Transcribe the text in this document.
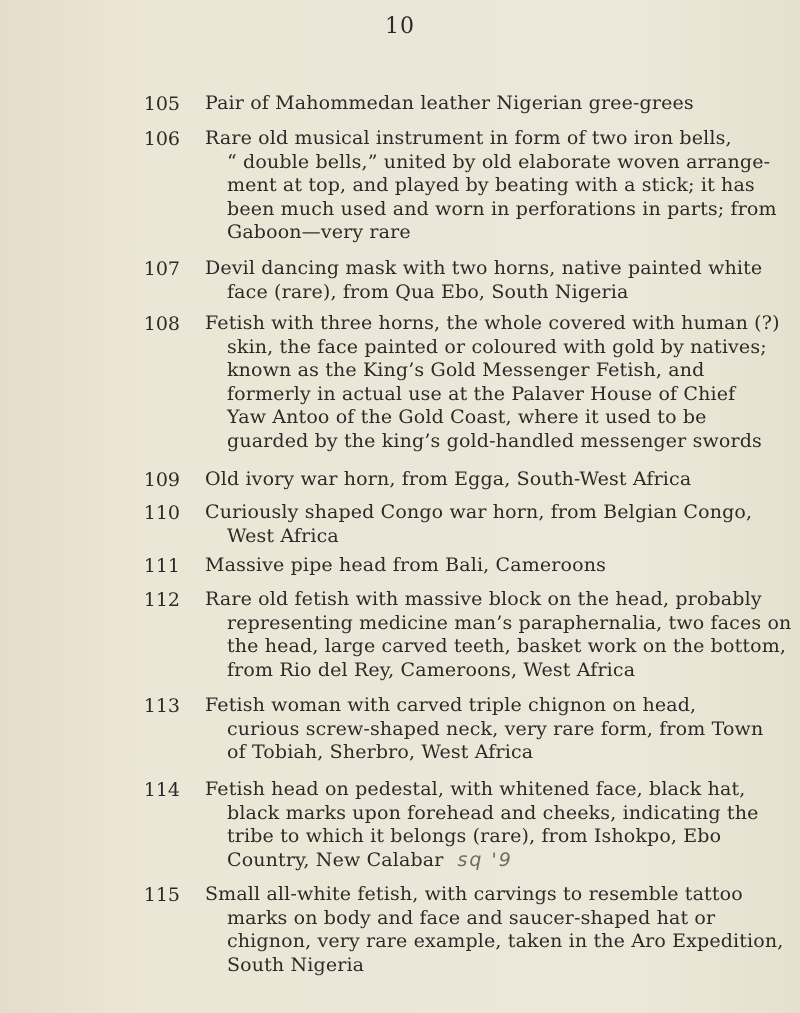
10
105 Pair of Mahommedan leather Nigerian gree-grees
106 Rare old musical instrument in form of two iron bells,
“ double bells,” united by old elaborate woven arrange-
ment at top, and played by beating with a stick; it has
been much used and worn in perforations in parts; from
Gaboon—very rare
107 Devil dancing mask with two horns, native painted white
face (rare), from Qua Ebo, South Nigeria
108 Fetish with three horns, the whole covered with human (?)
skin, the face painted or coloured with gold by natives;
known as the King’s Gold Messenger Fetish, and
formerly in actual use at the Palaver House of Chief
Yaw Antoo of the Gold Coast, where it used to be
guarded by the king’s gold-handled messenger swords
109 Old ivory war horn, from Egga, South-West Africa
110 Curiously shaped Congo war horn, from Belgian Congo,
West Africa
111 Massive pipe head from Bali, Cameroons
112 Rare old fetish with massive block on the head, probably
representing medicine man’s paraphernalia, two faces on
the head, large carved teeth, basket work on the bottom,
from Rio del Rey, Cameroons, West Africa
113 Fetish woman with carved triple chignon on head,
curious screw-shaped neck, very rare form, from Town
of Tobiah, Sherbro, West Africa
114 Fetish head on pedestal, with whitened face, black hat,
black marks upon forehead and cheeks, indicating the
tribe to which it belongs (rare), from Ishokpo, Ebo
Country, New Calabar sq '9
115 Small all-white fetish, with carvings to resemble tattoo
marks on body and face and saucer-shaped hat or
chignon, very rare example, taken in the Aro Expedition,
South Nigeria
